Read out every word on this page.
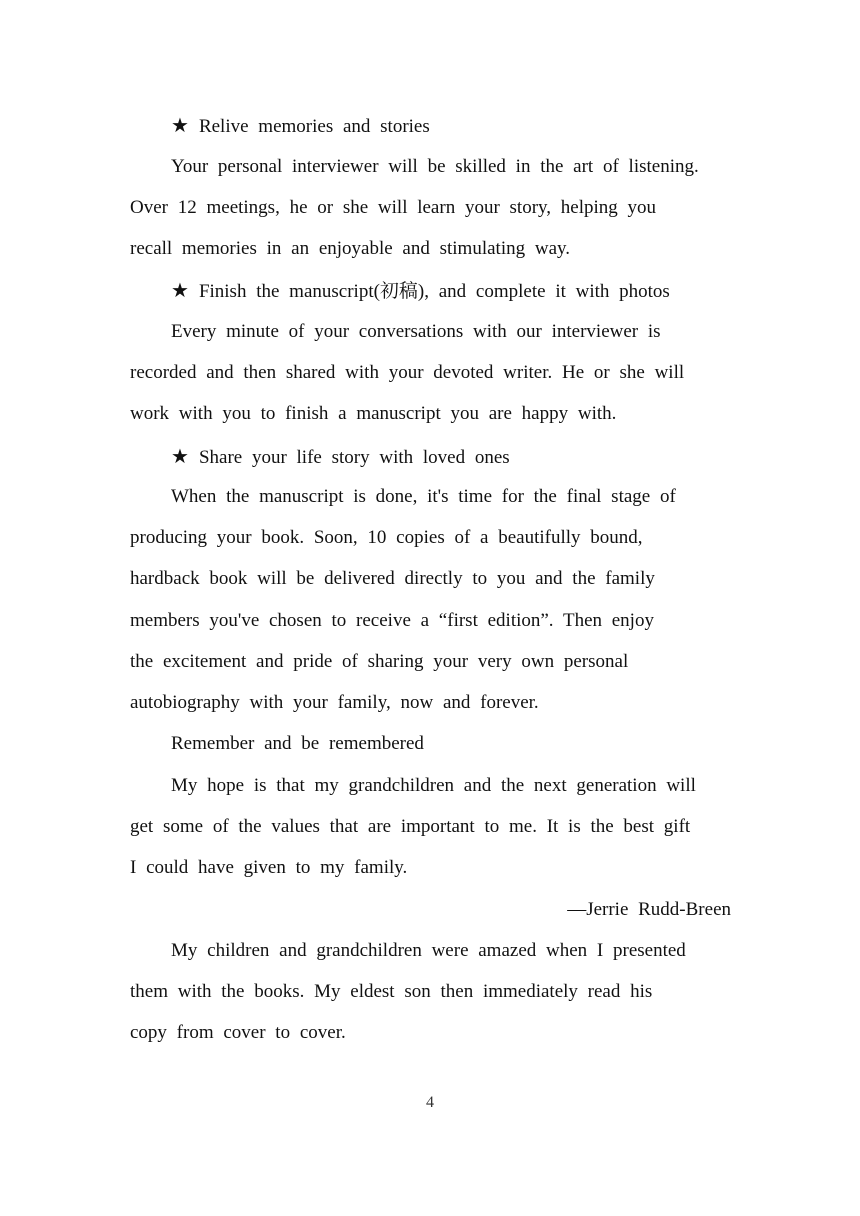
★ Relive memories and stories
Your personal interviewer will be skilled in the art of listening.
Over 12 meetings, he or she will learn your story, helping you
recall memories in an enjoyable and stimulating way.
★ Finish the manuscript(初稿), and complete it with photos
Every minute of your conversations with our interviewer is
recorded and then shared with your devoted writer. He or she will
work with you to finish a manuscript you are happy with.
★ Share your life story with loved ones
When the manuscript is done, it's time for the final stage of
producing your book. Soon, 10 copies of a beautifully bound,
hardback book will be delivered directly to you and the family
members you've chosen to receive a “first edition”. Then enjoy
the excitement and pride of sharing your very own personal
autobiography with your family, now and forever.
Remember and be remembered
My hope is that my grandchildren and the next generation will
get some of the values that are important to me. It is the best gift
I could have given to my family.
—Jerrie Rudd-Breen
My children and grandchildren were amazed when I presented
them with the books. My eldest son then immediately read his
copy from cover to cover.
4
